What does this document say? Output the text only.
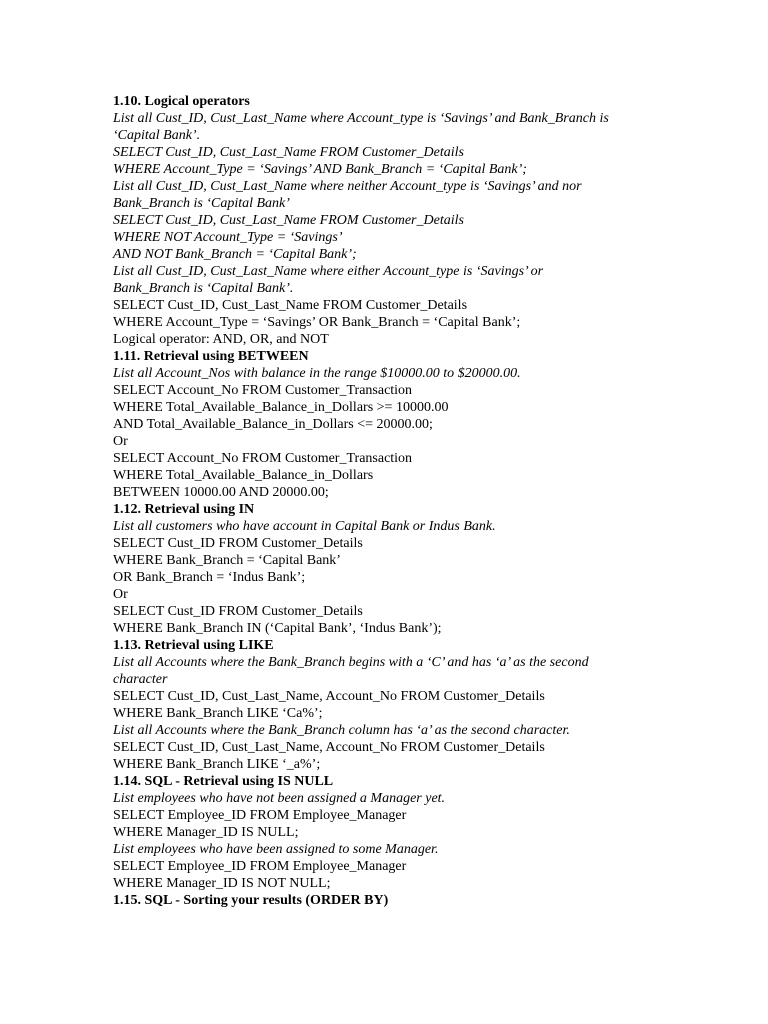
1.10. Logical operators
List all Cust_ID, Cust_Last_Name where Account_type is ‘Savings’ and Bank_Branch is ‘Capital Bank’.
SELECT Cust_ID, Cust_Last_Name FROM Customer_Details
WHERE Account_Type = ‘Savings’ AND Bank_Branch = ‘Capital Bank’;
List all Cust_ID, Cust_Last_Name where neither Account_type is ‘Savings’ and nor Bank_Branch is ‘Capital Bank’
SELECT Cust_ID, Cust_Last_Name FROM Customer_Details
WHERE NOT Account_Type = ‘Savings’
AND NOT Bank_Branch = ‘Capital Bank’;
List all Cust_ID, Cust_Last_Name where either Account_type is ‘Savings’ or Bank_Branch is ‘Capital Bank’.
SELECT Cust_ID, Cust_Last_Name FROM Customer_Details
WHERE Account_Type = ‘Savings’ OR Bank_Branch = ‘Capital Bank’;
Logical operator: AND, OR, and NOT
1.11. Retrieval using BETWEEN
List all Account_Nos with balance in the range $10000.00 to $20000.00.
SELECT Account_No FROM Customer_Transaction
WHERE Total_Available_Balance_in_Dollars >= 10000.00
AND Total_Available_Balance_in_Dollars <= 20000.00;
Or
SELECT Account_No FROM Customer_Transaction
WHERE Total_Available_Balance_in_Dollars
BETWEEN 10000.00 AND 20000.00;
1.12. Retrieval using IN
List all customers who have account in Capital Bank or Indus Bank.
SELECT Cust_ID FROM Customer_Details
WHERE Bank_Branch = ‘Capital Bank’
OR Bank_Branch = ‘Indus Bank’;
Or
SELECT Cust_ID FROM Customer_Details
WHERE Bank_Branch IN (‘Capital Bank’, ‘Indus Bank’);
1.13. Retrieval using LIKE
List all Accounts where the Bank_Branch begins with a ‘C’ and has ‘a’ as the second character
SELECT Cust_ID, Cust_Last_Name, Account_No FROM Customer_Details
WHERE Bank_Branch LIKE ‘Ca%’;
List all Accounts where the Bank_Branch column has ‘a’ as the second character.
SELECT Cust_ID, Cust_Last_Name, Account_No FROM Customer_Details
WHERE Bank_Branch LIKE ‘_a%’;
1.14. SQL - Retrieval using IS NULL
List employees who have not been assigned a Manager yet.
SELECT Employee_ID FROM Employee_Manager
WHERE Manager_ID IS NULL;
List employees who have been assigned to some Manager.
SELECT Employee_ID FROM Employee_Manager
WHERE Manager_ID IS NOT NULL;
1.15. SQL - Sorting your results (ORDER BY)
